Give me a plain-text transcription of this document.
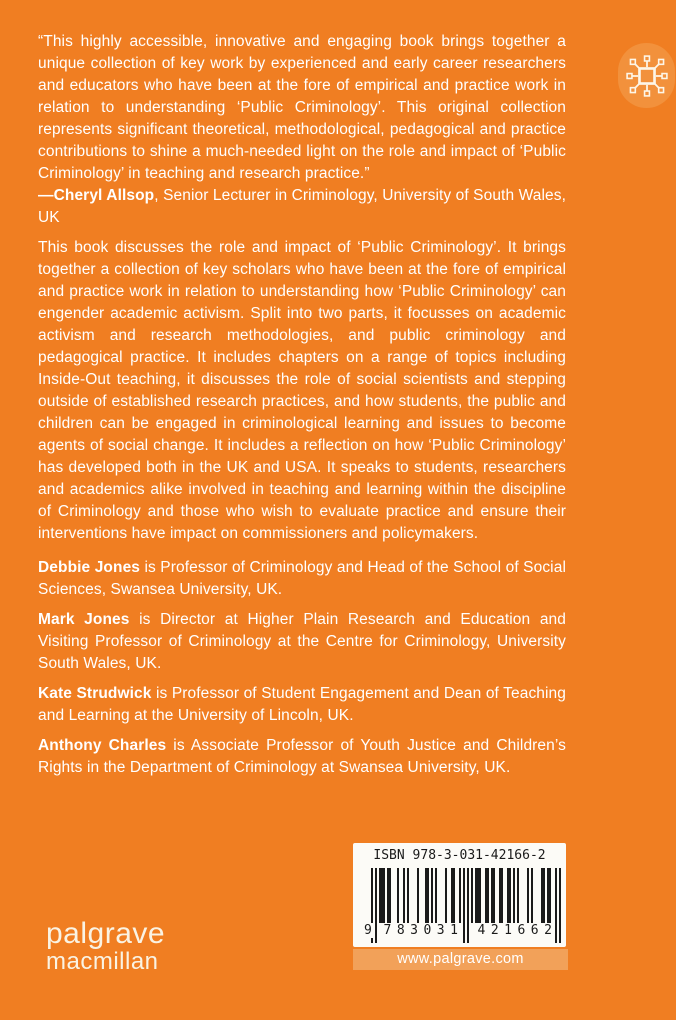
“This highly accessible, innovative and engaging book brings together a unique collection of key work by experienced and early career researchers and educators who have been at the fore of empirical and practice work in relation to understanding ‘Public Criminology’. This original collection represents significant theoretical, methodological, pedagogical and practice contributions to shine a much-needed light on the role and impact of ‘Public Criminology’ in teaching and research practice.”

—Cheryl Allsop, Senior Lecturer in Criminology, University of South Wales, UK

This book discusses the role and impact of ‘Public Criminology’. It brings together a collection of key scholars who have been at the fore of empirical and practice work in relation to understanding how ‘Public Criminology’ can engender academic activism. Split into two parts, it focusses on academic activism and research methodologies, and public criminology and pedagogical practice. It includes chapters on a range of topics including Inside-Out teaching, it discusses the role of social scientists and stepping outside of established research practices, and how students, the public and children can be engaged in criminological learning and issues to become agents of social change. It includes a reflection on how ‘Public Criminology’ has developed both in the UK and USA. It speaks to students, researchers and academics alike involved in teaching and learning within the discipline of Criminology and those who wish to evaluate practice and ensure their interventions have impact on commissioners and policymakers.

Debbie Jones is Professor of Criminology and Head of the School of Social Sciences, Swansea University, UK.

Mark Jones is Director at Higher Plain Research and Education and Visiting Professor of Criminology at the Centre for Criminology, University South Wales, UK.

Kate Strudwick is Professor of Student Engagement and Dean of Teaching and Learning at the University of Lincoln, UK.

Anthony Charles is Associate Professor of Youth Justice and Children’s Rights in the Department of Criminology at Swansea University, UK.

ISBN 978-3-031-42166-2
9 783031	421662
www.palgrave.com
palgrave
macmillan
